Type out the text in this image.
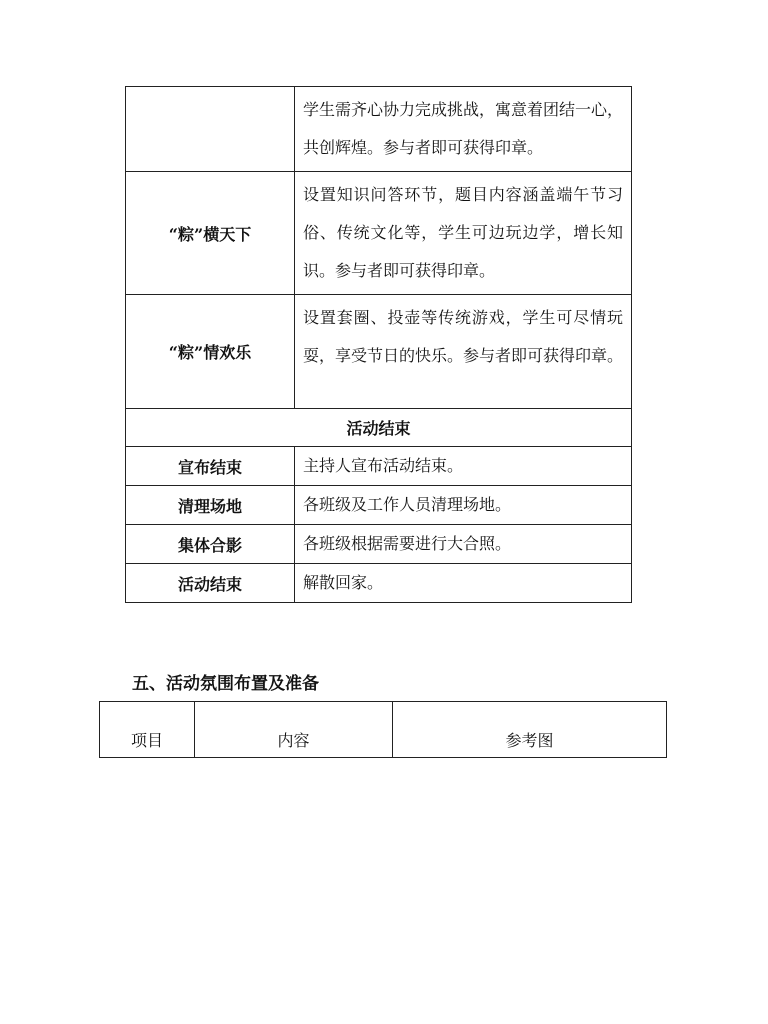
	学生需齐心协力完成挑战，寓意着团结一心，共创辉煌。参与者即可获得印章。
“粽”横天下	设置知识问答环节，题目内容涵盖端午节习俗、传统文化等，学生可边玩边学，增长知识。参与者即可获得印章。
“粽”情欢乐	设置套圈、投壶等传统游戏，学生可尽情玩耍，享受节日的快乐。参与者即可获得印章。
活动结束	
宣布结束	主持人宣布活动结束。
清理场地	各班级及工作人员清理场地。
集体合影	各班级根据需要进行大合照。
活动结束	解散回家。
五、活动氛围布置及准备
项目	内容	参考图
